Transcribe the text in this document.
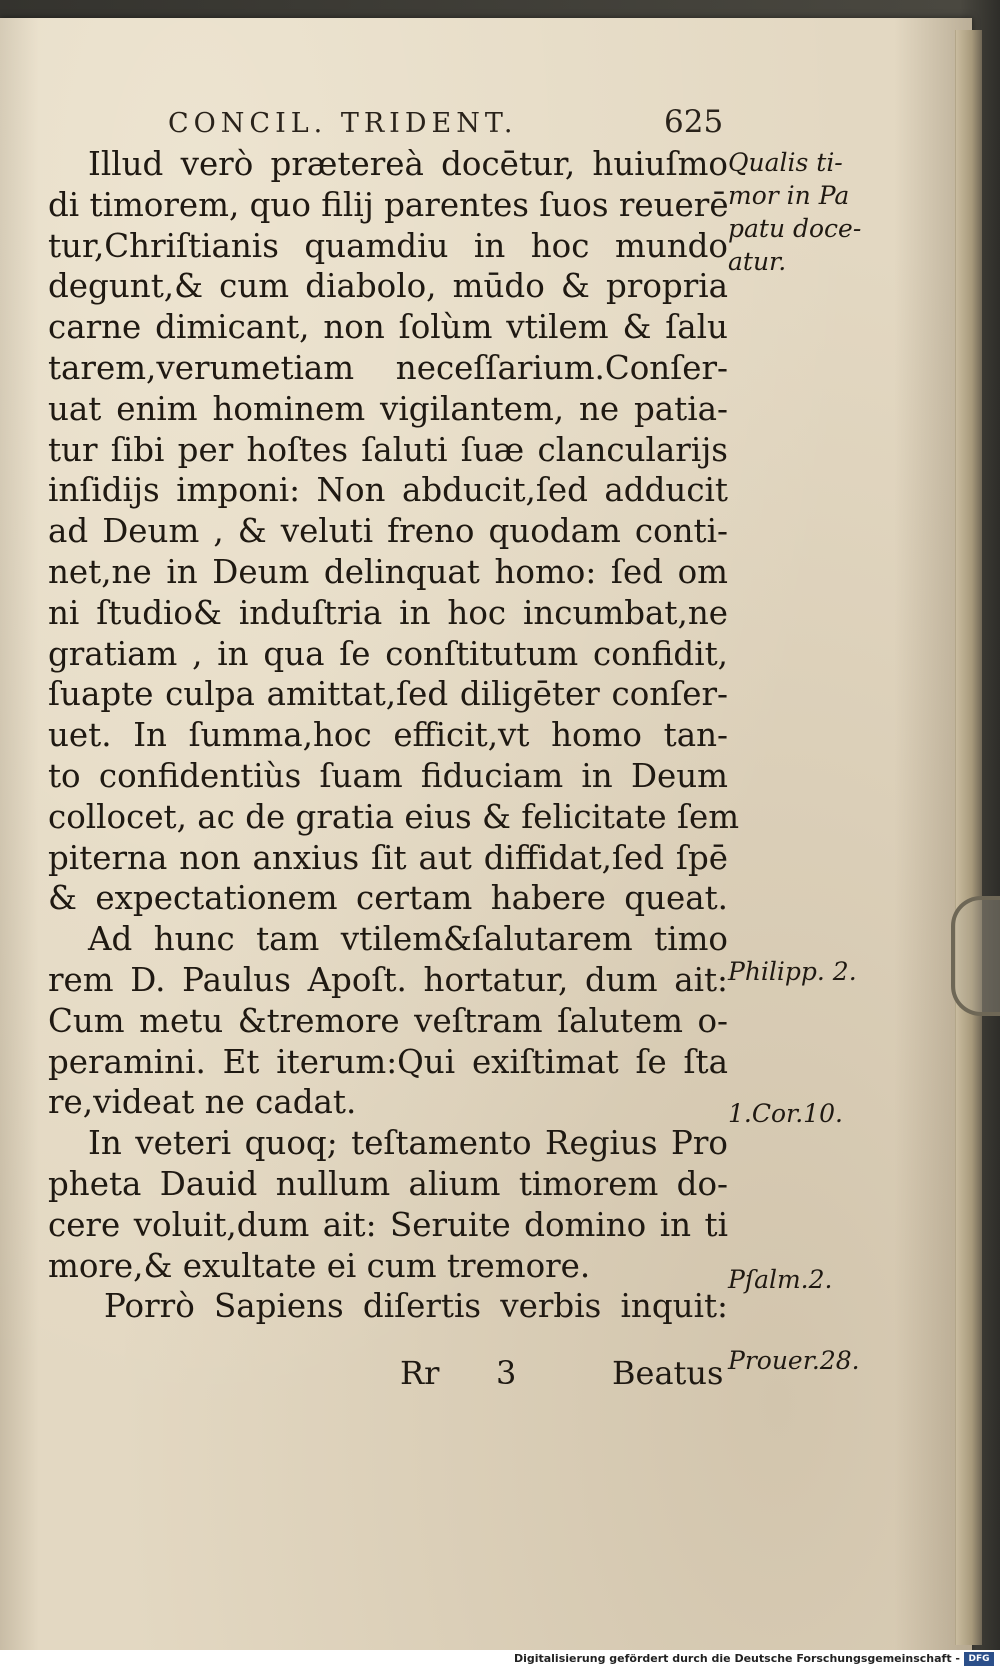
CONCIL. TRIDENT.	625
Illud verò prætereà docētur, huiuſmo
di timorem, quo filij parentes ſuos reuerē
tur,Chriſtianis quamdiu in hoc mundo
degunt,& cum diabolo, mūdo & propria
carne dimicant, non ſolùm vtilem & ſalu
tarem,verumetiam neceſſarium.Conſer-
uat enim hominem vigilantem, ne patia-
tur ſibi per hoſtes ſaluti ſuæ clancularijs
inſidijs imponi: Non abducit,ſed adducit
ad Deum , & veluti freno quodam conti-
net,ne in Deum delinquat homo: ſed om
ni ſtudio& induſtria in hoc incumbat,ne
gratiam , in qua ſe conſtitutum confidit,
ſuapte culpa amittat,ſed diligēter conſer-
uet. In ſumma,hoc efficit,vt homo tan-
to confidentiùs ſuam fiduciam in Deum
collocet, ac de gratia eius & felicitate ſem
piterna non anxius ſit aut diffidat,ſed ſpē
& expectationem certam habere queat.
Ad hunc tam vtilem&ſalutarem timo
rem D. Paulus Apoſt. hortatur, dum ait:
Cum metu &tremore veſtram ſalutem o-
peramini. Et iterum:Qui exiſtimat ſe ſta
re,videat ne cadat.
In veteri quoq; teſtamento Regius Pro
pheta Dauid nullum alium timorem do-
cere voluit,dum ait: Seruite domino in ti
more,& exultate ei cum tremore.
Porrò Sapiens diſertis verbis inquit:
Qualis ti-
mor in Pa
patu doce-
atur.
Philipp. 2.
1.Cor.10.
Pſalm.2.
Prouer.28.
Rr 3	Beatus
Digitalisierung gefördert durch die Deutsche Forschungsgemeinschaft - DFG
